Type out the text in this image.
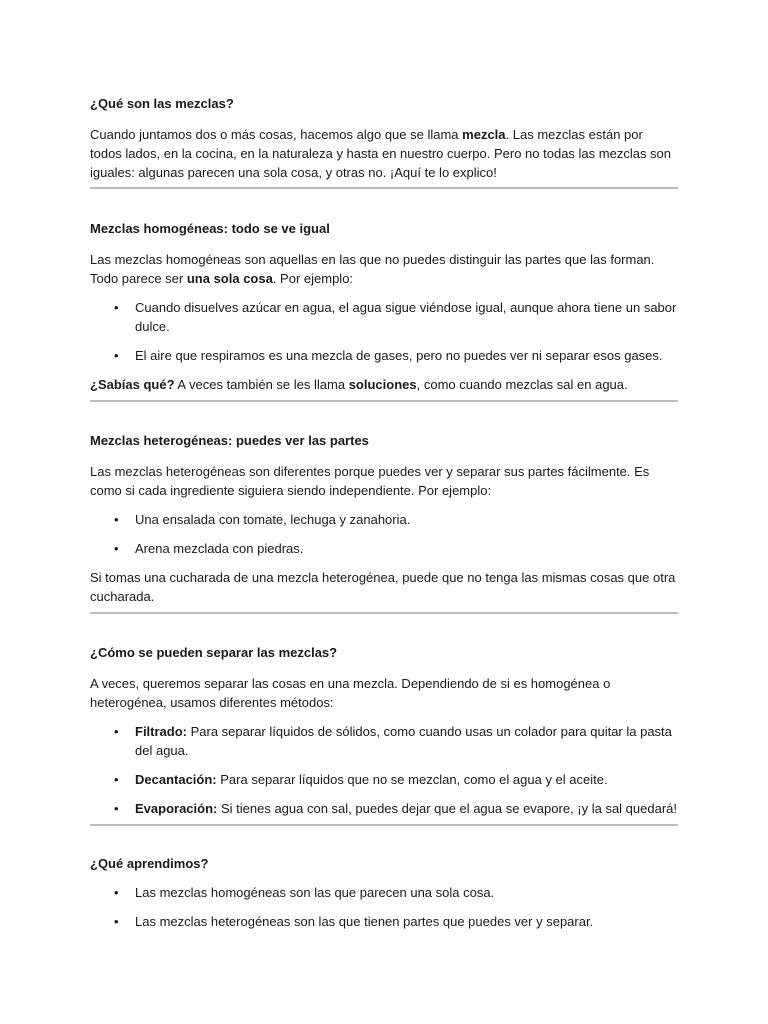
¿Qué son las mezclas?

Cuando juntamos dos o más cosas, hacemos algo que se llama mezcla. Las mezclas están por todos lados, en la cocina, en la naturaleza y hasta en nuestro cuerpo. Pero no todas las mezclas son iguales: algunas parecen una sola cosa, y otras no. ¡Aquí te lo explico!

Mezclas homogéneas: todo se ve igual

Las mezclas homogéneas son aquellas en las que no puedes distinguir las partes que las forman. Todo parece ser una sola cosa. Por ejemplo:

• Cuando disuelves azúcar en agua, el agua sigue viéndose igual, aunque ahora tiene un sabor dulce.
• El aire que respiramos es una mezcla de gases, pero no puedes ver ni separar esos gases.

¿Sabías qué? A veces también se les llama soluciones, como cuando mezclas sal en agua.

Mezclas heterogéneas: puedes ver las partes

Las mezclas heterogéneas son diferentes porque puedes ver y separar sus partes fácilmente. Es como si cada ingrediente siguiera siendo independiente. Por ejemplo:

• Una ensalada con tomate, lechuga y zanahoria.
• Arena mezclada con piedras.

Si tomas una cucharada de una mezcla heterogénea, puede que no tenga las mismas cosas que otra cucharada.

¿Cómo se pueden separar las mezclas?

A veces, queremos separar las cosas en una mezcla. Dependiendo de si es homogénea o heterogénea, usamos diferentes métodos:

• Filtrado: Para separar líquidos de sólidos, como cuando usas un colador para quitar la pasta del agua.
• Decantación: Para separar líquidos que no se mezclan, como el agua y el aceite.
• Evaporación: Si tienes agua con sal, puedes dejar que el agua se evapore, ¡y la sal quedará!
¿Qué aprendimos?
• Las mezclas homogéneas son las que parecen una sola cosa.
• Las mezclas heterogéneas son las que tienen partes que puedes ver y separar.
